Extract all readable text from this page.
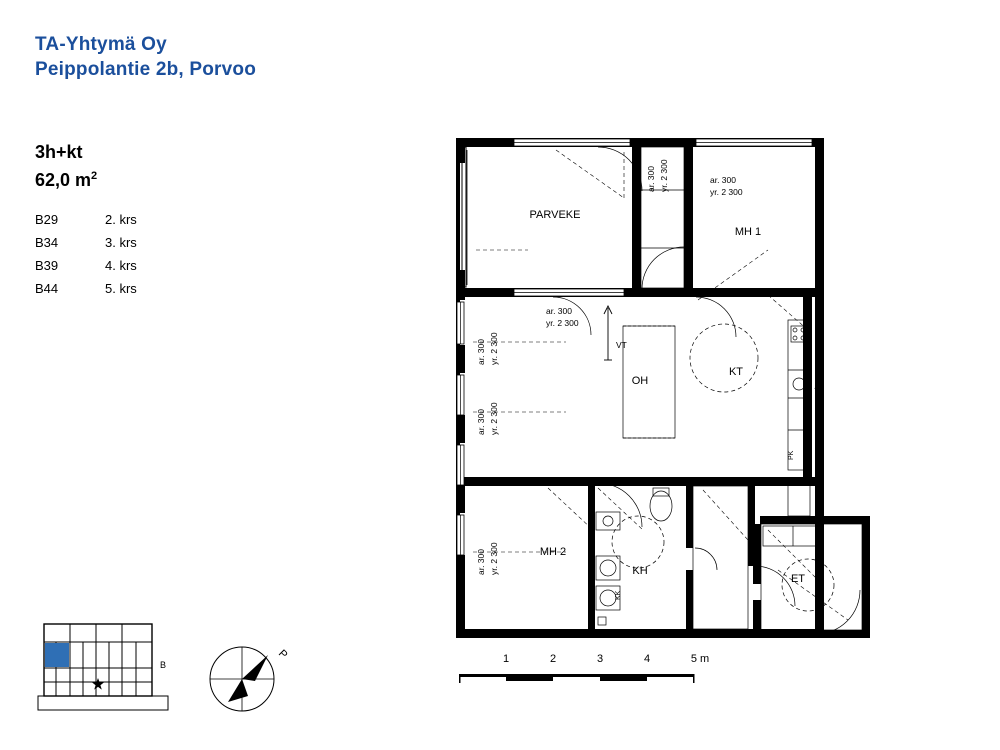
TA-Yhtymä Oy
Peippolantie 2b, Porvoo
3h+kt
62,0 $m^2$
B29	2. krs
B34	3. krs
B39	4. krs
B44	5. krs
PARVEKE
MH 1
OH
KT
MH 2
KH
ET
VT
ar. 300 yr. 2 300	ar. 300
yr. 2 300
ar. 300
yr. 2 300
ar. 300 yr. 2 300
ar. 300 yr. 2 300
ar. 300 yr. 2 300
APK
JK/PK
PK
KK
KHK
1	2	3	4	5 m
B
P
